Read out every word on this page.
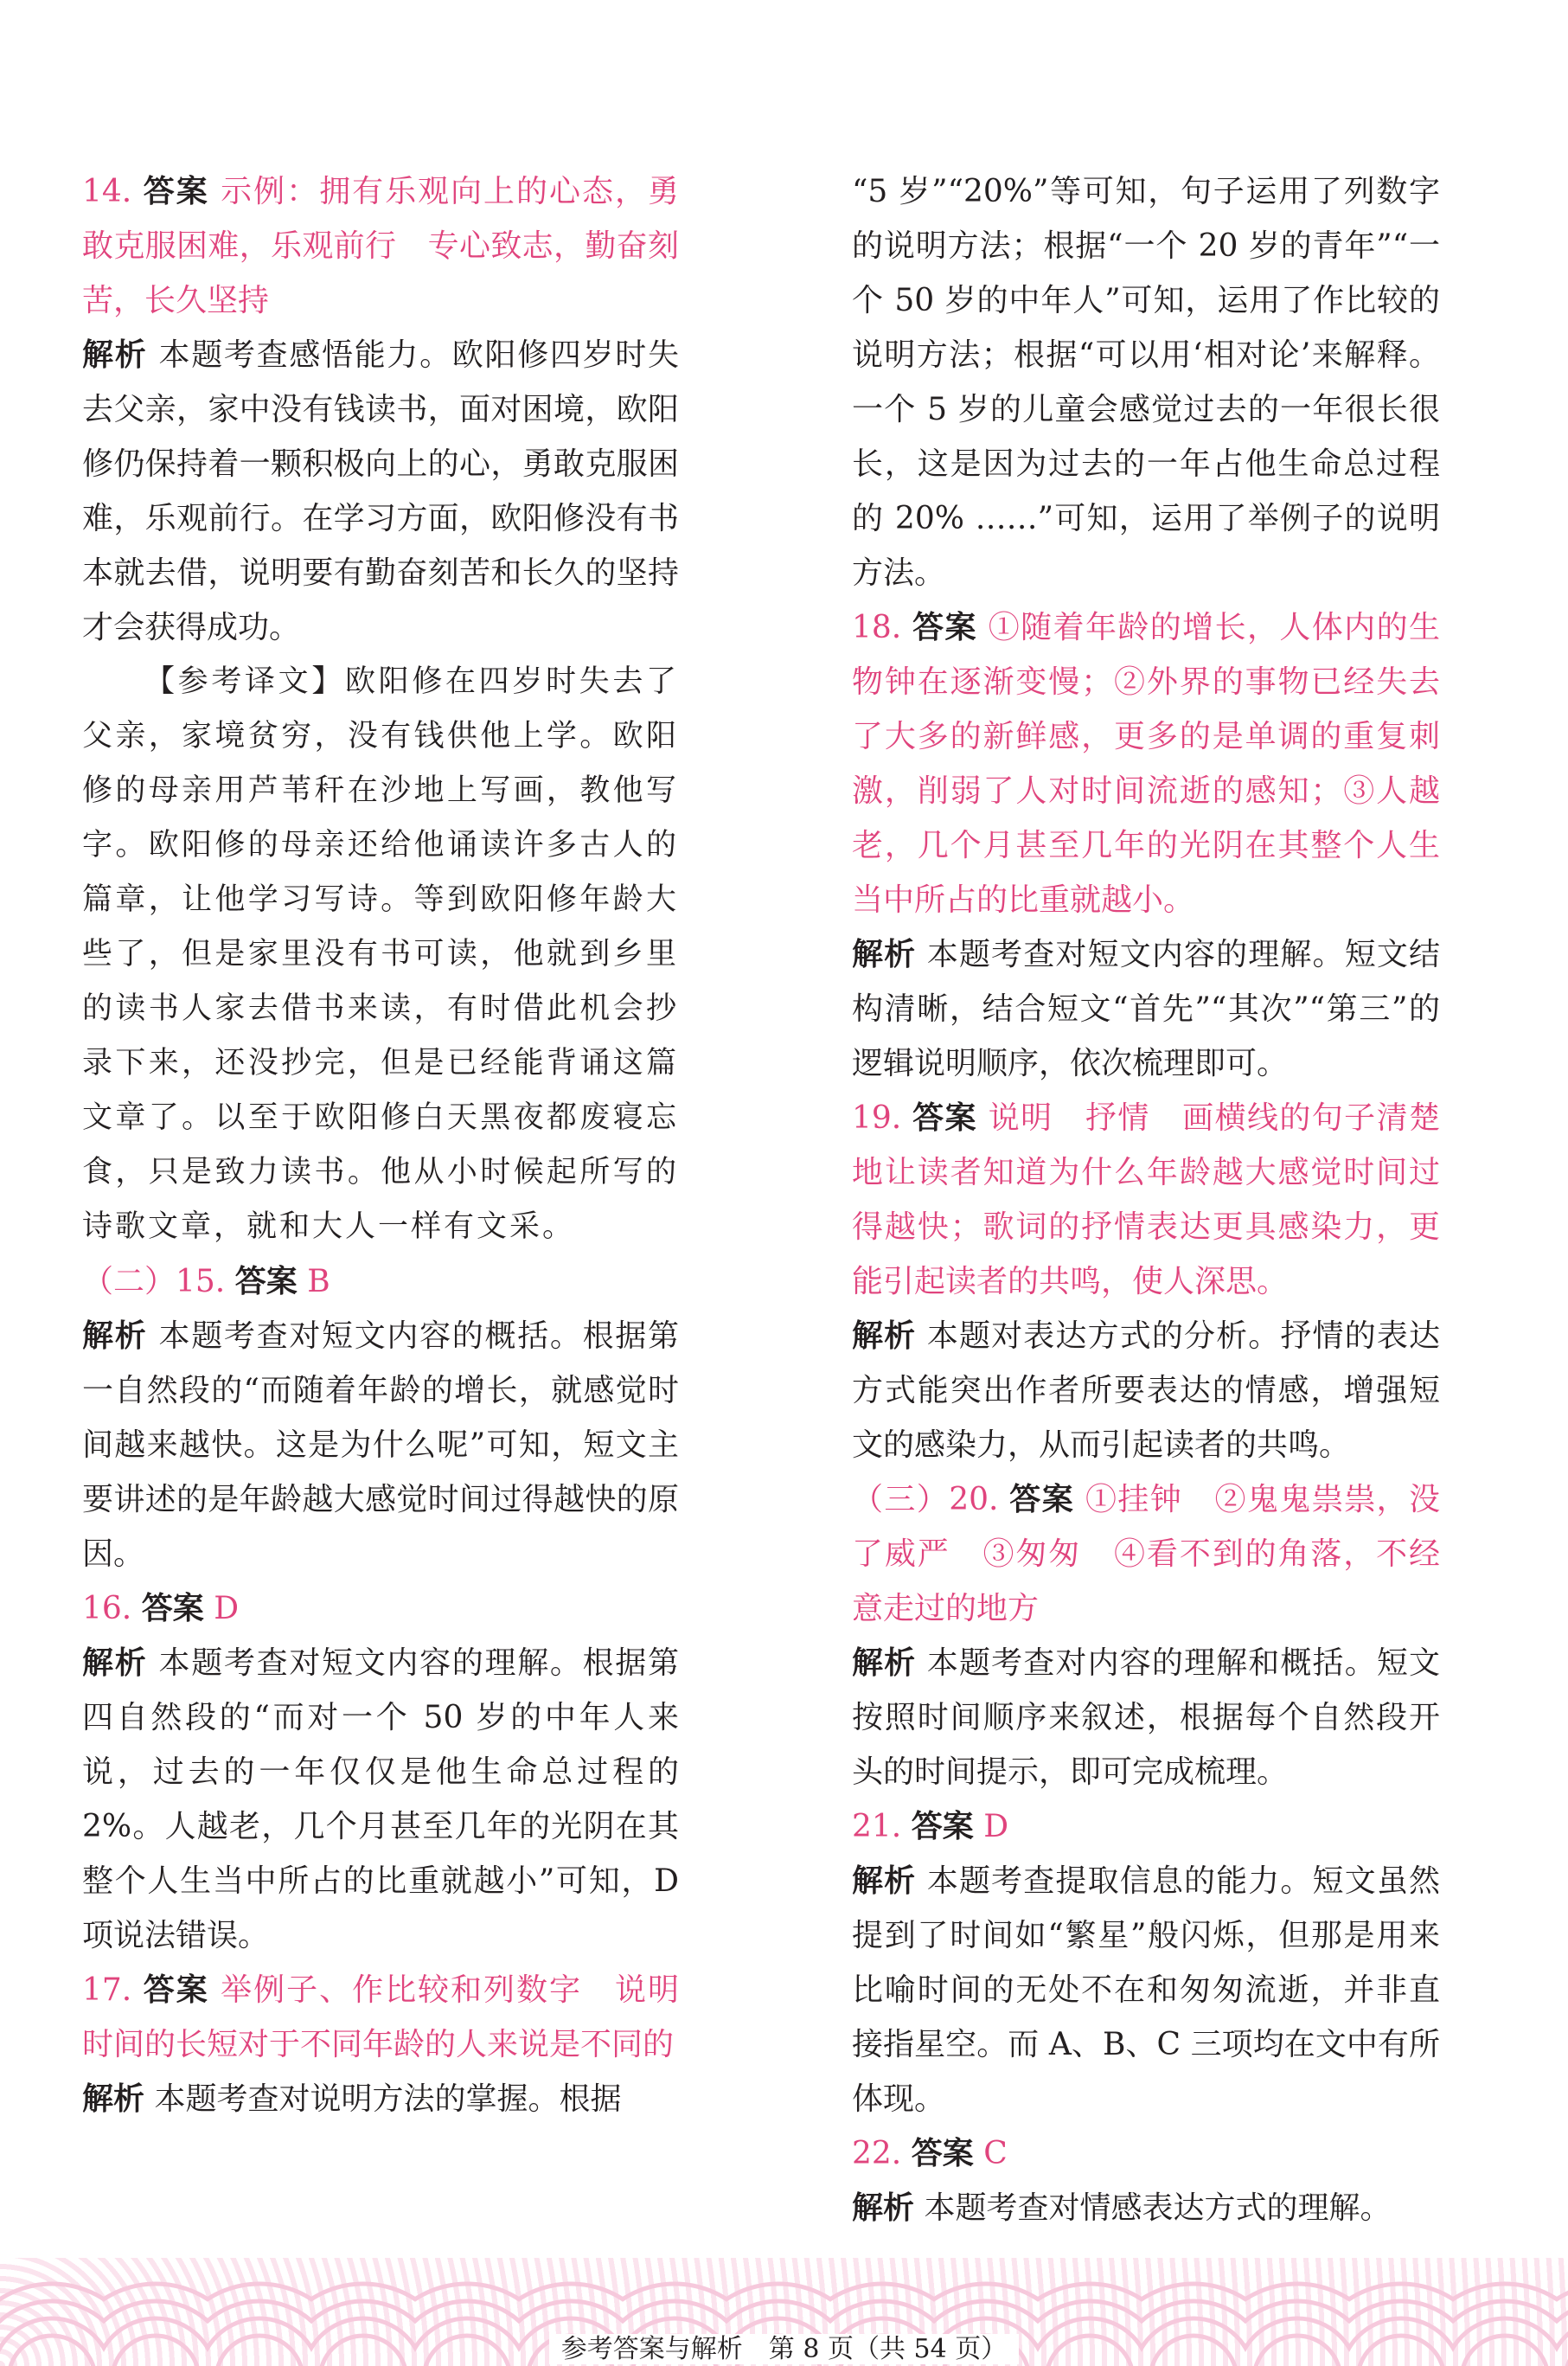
14. 答案 示例：拥有乐观向上的心态，勇敢克服困难，乐观前行　专心致志，勤奋刻苦，长久坚持

解析 本题考查感悟能力。欧阳修四岁时失去父亲，家中没有钱读书，面对困境，欧阳修仍保持着一颗积极向上的心，勇敢克服困难，乐观前行。在学习方面，欧阳修没有书本就去借，说明要有勤奋刻苦和长久的坚持才会获得成功。

【参考译文】欧阳修在四岁时失去了父亲，家境贫穷，没有钱供他上学。欧阳修的母亲用芦苇秆在沙地上写画，教他写字。欧阳修的母亲还给他诵读许多古人的篇章，让他学习写诗。等到欧阳修年龄大些了，但是家里没有书可读，他就到乡里的读书人家去借书来读，有时借此机会抄录下来，还没抄完，但是已经能背诵这篇文章了。以至于欧阳修白天黑夜都废寝忘食，只是致力读书。他从小时候起所写的诗歌文章，就和大人一样有文采。

（二）15. 答案 B

解析 本题考查对短文内容的概括。根据第一自然段的“而随着年龄的增长，就感觉时间越来越快。这是为什么呢”可知，短文主要讲述的是年龄越大感觉时间过得越快的原因。

16. 答案 D

解析 本题考查对短文内容的理解。根据第四自然段的“而对一个 50 岁的中年人来说，过去的一年仅仅是他生命总过程的 2%。人越老，几个月甚至几年的光阴在其整个人生当中所占的比重就越小”可知，D 项说法错误。

17. 答案 举例子、作比较和列数字　说明时间的长短对于不同年龄的人来说是不同的

解析 本题考查对说明方法的掌握。根据

“5 岁”“20%”等可知，句子运用了列数字的说明方法；根据“一个 20 岁的青年”“一个 50 岁的中年人”可知，运用了作比较的说明方法；根据“可以用‘相对论’来解释。一个 5 岁的儿童会感觉过去的一年很长很长，这是因为过去的一年占他生命总过程的 20% ……”可知，运用了举例子的说明方法。

18. 答案 ①随着年龄的增长，人体内的生物钟在逐渐变慢；②外界的事物已经失去了大多的新鲜感，更多的是单调的重复刺激，削弱了人对时间流逝的感知；③人越老，几个月甚至几年的光阴在其整个人生当中所占的比重就越小。

解析 本题考查对短文内容的理解。短文结构清晰，结合短文“首先”“其次”“第三”的逻辑说明顺序，依次梳理即可。

19. 答案 说明　抒情　画横线的句子清楚地让读者知道为什么年龄越大感觉时间过得越快；歌词的抒情表达更具感染力，更能引起读者的共鸣，使人深思。

解析 本题对表达方式的分析。抒情的表达方式能突出作者所要表达的情感，增强短文的感染力，从而引起读者的共鸣。

（三）20. 答案 ①挂钟　②鬼鬼祟祟，没了威严　③匆匆　④看不到的角落，不经意走过的地方

解析 本题考查对内容的理解和概括。短文按照时间顺序来叙述，根据每个自然段开头的时间提示，即可完成梳理。

21. 答案 D

解析 本题考查提取信息的能力。短文虽然提到了时间如“繁星”般闪烁，但那是用来比喻时间的无处不在和匆匆流逝，并非直接指星空。而 A、B、C 三项均在文中有所体现。

22. 答案 C

解析 本题考查对情感表达方式的理解。

参考答案与解析　第 8 页（共 54 页）
